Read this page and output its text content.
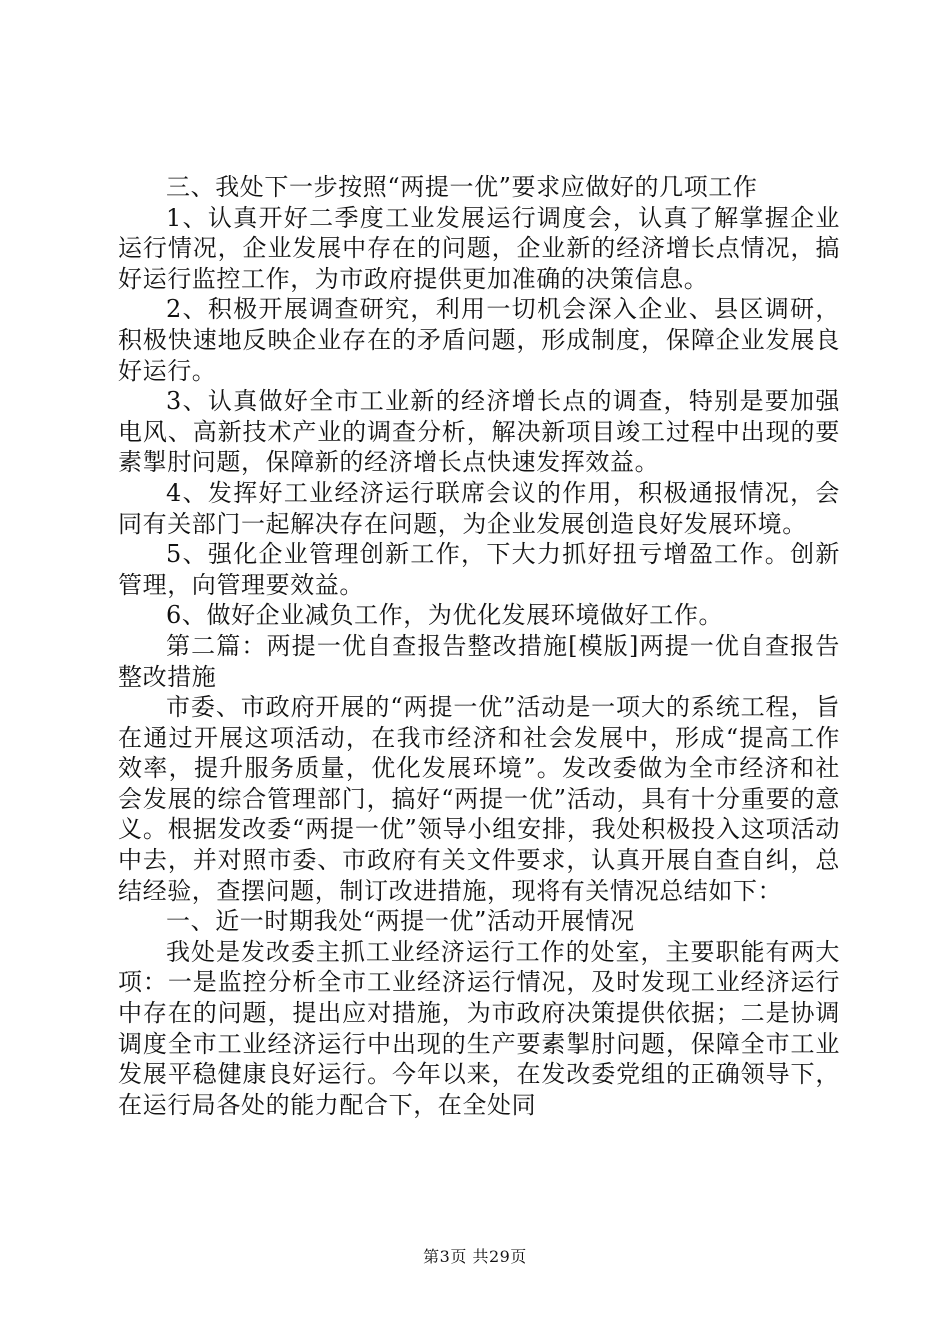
三、我处下一步按照“两提一优”要求应做好的几项工作

1、认真开好二季度工业发展运行调度会，认真了解掌握企业运行情况，企业发展中存在的问题，企业新的经济增长点情况，搞好运行监控工作，为市政府提供更加准确的决策信息。

2、积极开展调查研究，利用一切机会深入企业、县区调研，积极快速地反映企业存在的矛盾问题，形成制度，保障企业发展良好运行。

3、认真做好全市工业新的经济增长点的调查，特别是要加强电风、高新技术产业的调查分析，解决新项目竣工过程中出现的要素掣肘问题，保障新的经济增长点快速发挥效益。

4、发挥好工业经济运行联席会议的作用，积极通报情况，会同有关部门一起解决存在问题，为企业发展创造良好发展环境。

5、强化企业管理创新工作，下大力抓好扭亏增盈工作。创新管理，向管理要效益。

6、做好企业减负工作，为优化发展环境做好工作。

第二篇：两提一优自查报告整改措施[模版]两提一优自查报告整改措施

市委、市政府开展的“两提一优”活动是一项大的系统工程，旨在通过开展这项活动，在我市经济和社会发展中，形成“提高工作效率，提升服务质量，优化发展环境”。发改委做为全市经济和社会发展的综合管理部门，搞好“两提一优”活动，具有十分重要的意义。根据发改委“两提一优”领导小组安排，我处积极投入这项活动中去，并对照市委、市政府有关文件要求，认真开展自查自纠，总结经验，查摆问题，制订改进措施，现将有关情况总结如下：

一、近一时期我处“两提一优”活动开展情况

我处是发改委主抓工业经济运行工作的处室，主要职能有两大项：一是监控分析全市工业经济运行情况，及时发现工业经济运行中存在的问题，提出应对措施，为市政府决策提供依据；二是协调调度全市工业经济运行中出现的生产要素掣肘问题，保障全市工业发展平稳健康良好运行。今年以来，在发改委党组的正确领导下，在运行局各处的能力配合下，在全处同

第3页 共29页
